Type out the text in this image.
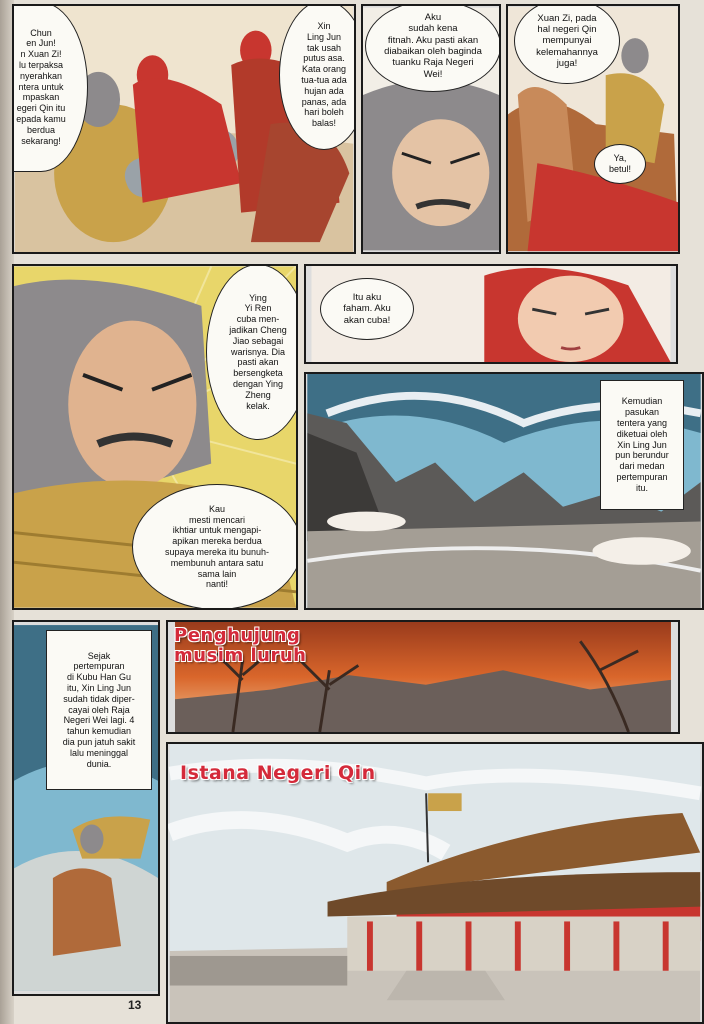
Chun
en Jun!
n Xuan Zi!
lu terpaksa
nyerahkan
ntera untuk
mpaskan
egeri Qin itu
epada kamu
berdua
sekarang!
Xin
Ling Jun
tak usah
putus asa.
Kata orang
tua-tua ada
hujan ada
panas, ada
hari boleh
balas!
Aku
sudah kena
fitnah. Aku pasti akan
diabaikan oleh baginda
tuanku Raja Negeri
Wei!
Xuan Zi, pada
hal negeri Qin
mempunyai
kelemahannya
juga!
Ya,
betul!
Ying
Yi Ren
cuba men-
jadikan Cheng
Jiao sebagai
warisnya. Dia
pasti akan
bersengketa
dengan Ying
Zheng
kelak.
Kau
mesti mencari
ikhtiar untuk mengapi-
apikan mereka berdua
supaya mereka itu bunuh-
membunuh antara satu
sama lain
nanti!
Itu aku
faham. Aku
akan cuba!
Kemudian
pasukan
tentera yang
diketuai oleh
Xin Ling Jun
pun berundur
dari medan
pertempuran
itu.
Sejak
pertempuran
di Kubu Han Gu
itu, Xin Ling Jun
sudah tidak diper-
cayai oleh Raja
Negeri Wei lagi. 4
tahun kemudian
dia pun jatuh sakit
lalu meninggal
dunia.
13
Penghujung
musim luruh
Istana Negeri Qin
